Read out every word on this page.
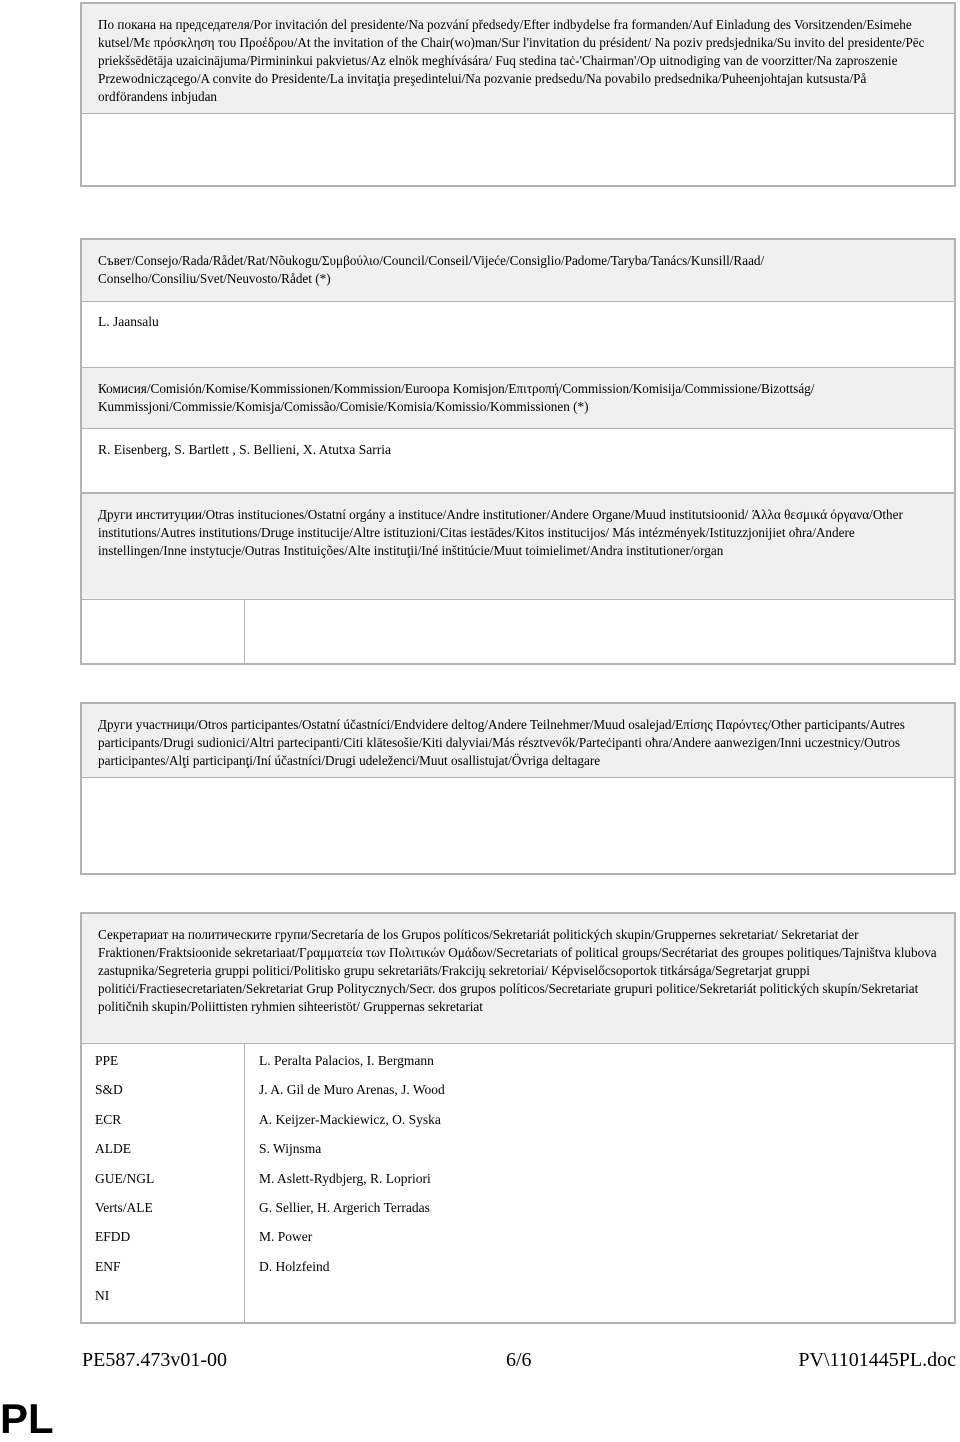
По покана на председателя/Por invitación del presidente/Na pozvání předsedy/Efter indbydelse fra formanden/Auf Einladung des Vorsitzenden/Esimehe kutsel/Με πρόσκληση του Προέδρου/At the invitation of the Chair(wo)man/Sur l'invitation du président/ Na poziv predsjednika/Su invito del presidente/Pēc priekšsēdētāja uzaicinājuma/Pirmininkui pakvietus/Az elnök meghívására/ Fuq stedina taċ-'Chairman'/Op uitnodiging van de voorzitter/Na zaproszenie Przewodniczącego/A convite do Presidente/La invitaţia preşedintelui/Na pozvanie predsedu/Na povabilo predsednika/Puheenjohtajan kutsusta/På ordförandens inbjudan
Съвет/Consejo/Rada/Rådet/Rat/Nõukogu/Συμβούλιο/Council/Conseil/Vijeće/Consiglio/Padome/Taryba/Tanács/Kunsill/Raad/ Conselho/Consiliu/Svet/Neuvosto/Rådet (*)
L. Jaansalu
Комисия/Comisión/Komise/Kommissionen/Kommission/Euroopa Komisjon/Επιτροπή/Commission/Komisija/Commissione/Bizottság/ Kummissjoni/Commissie/Komisja/Comissão/Comisie/Komisia/Komissio/Kommissionen (*)
R. Eisenberg, S. Bartlett , S. Bellieni, X. Atutxa Sarria
Други институции/Otras instituciones/Ostatní orgány a instituce/Andre institutioner/Andere Organe/Muud institutsioonid/ Άλλα θεσμικά όργανα/Other institutions/Autres institutions/Druge institucije/Altre istituzioni/Citas iestādes/Kitos institucijos/ Más intézmények/Istituzzjonijiet oħra/Andere instellingen/Inne instytucje/Outras Instituições/Alte instituţii/Iné inštitúcie/Muut toimielimet/Andra institutioner/organ
Други участници/Otros participantes/Ostatní účastníci/Endvidere deltog/Andere Teilnehmer/Muud osalejad/Επίσης Παρόντες/Other participants/Autres participants/Drugi sudionici/Altri partecipanti/Citi klātesošie/Kiti dalyviai/Más résztvevők/Parteċipanti oħra/Andere aanwezigen/Inni uczestnicy/Outros participantes/Alţi participanţi/Iní účastníci/Drugi udeleženci/Muut osallistujat/Övriga deltagare
Секретариат на политическите групи/Secretaría de los Grupos políticos/Sekretariát politických skupin/Gruppernes sekretariat/ Sekretariat der Fraktionen/Fraktsioonide sekretariaat/Γραμματεία των Πολιτικών Ομάδων/Secretariats of political groups/Secrétariat des groupes politiques/Tajništva klubova zastupnika/Segreteria gruppi politici/Politisko grupu sekretariāts/Frakcijų sekretoriai/ Képviselőcsoportok titkársága/Segretarjat gruppi politiċi/Fractiesecretariaten/Sekretariat Grup Politycznych/Secr. dos grupos políticos/Secretariate grupuri politice/Sekretariát politických skupín/Sekretariat političnih skupin/Poliittisten ryhmien sihteeristöt/ Gruppernas sekretariat
PPE
S&D
ECR
ALDE
GUE/NGL
Verts/ALE
EFDD
ENF
NI
L. Peralta Palacios, I. Bergmann
J. A. Gil de Muro Arenas, J. Wood
A. Keijzer-Mackiewicz, O. Syska
S. Wijnsma
M. Aslett-Rydbjerg, R. Lopriori
G. Sellier, H. Argerich Terradas
M. Power
D. Holzfeind
PE587.473v01-00	6/6	PV\1101445PL.doc
PL
